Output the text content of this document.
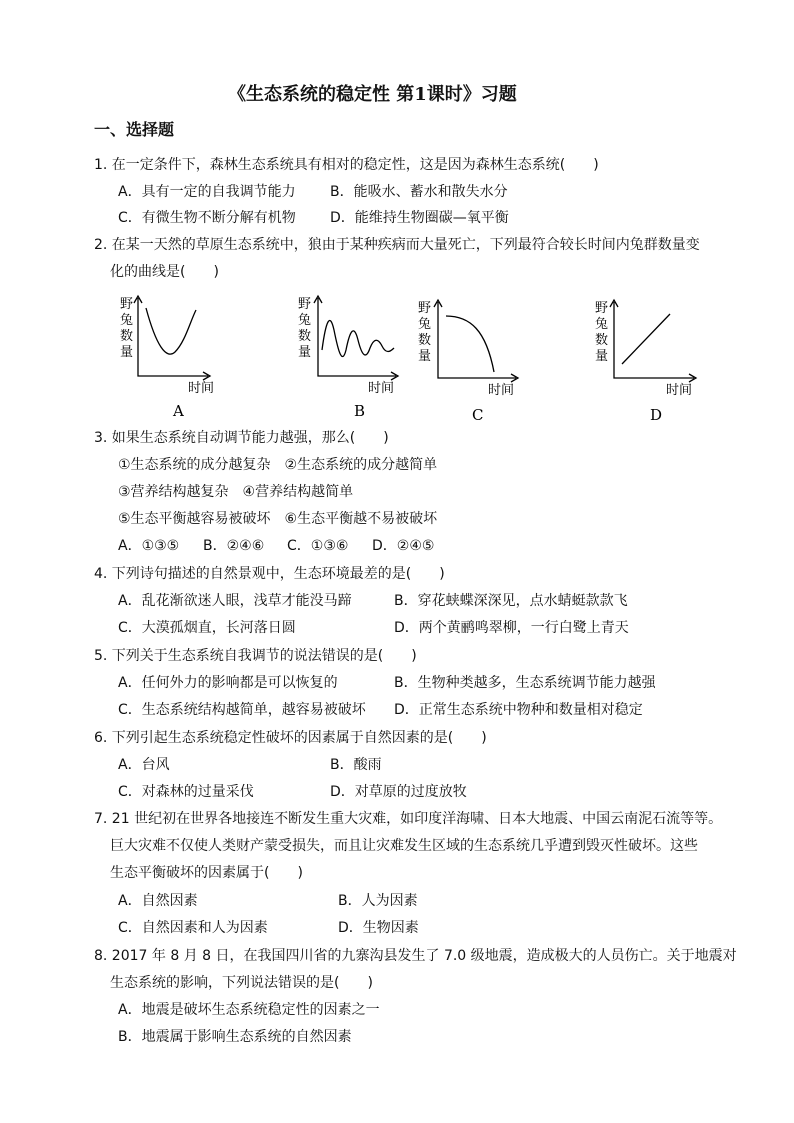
《生态系统的稳定性 第1课时》习题
一、选择题
1. 在一定条件下，森林生态系统具有相对的稳定性，这是因为森林生态系统(　　)
A．具有一定的自我调节能力 B．能吸水、蓄水和散失水分
C．有微生物不断分解有机物 D．能维持生物圈碳—氧平衡
2. 在某一天然的草原生态系统中，狼由于某种疾病而大量死亡，下列最符合较长时间内兔群数量变
化的曲线是(　　)
野
兔
数
量
时间
A
野
兔
数
量
时间
B
野
兔
数
量
时间
C
野
兔
数
量
时间
D
3. 如果生态系统自动调节能力越强，那么(　　)
①生态系统的成分越复杂　②生态系统的成分越简单
③营养结构越复杂　④营养结构越简单
⑤生态平衡越容易被破坏　⑥生态平衡越不易被破坏
A．①③⑤ B．②④⑥ C．①③⑥ D．②④⑤
4. 下列诗句描述的自然景观中，生态环境最差的是(　　)
A．乱花渐欲迷人眼，浅草才能没马蹄	B．穿花蛱蝶深深见，点水蜻蜓款款飞
C．大漠孤烟直，长河落日圆	D．两个黄鹂鸣翠柳，一行白鹭上青天
5. 下列关于生态系统自我调节的说法错误的是(　　)
A．任何外力的影响都是可以恢复的	B．生物种类越多，生态系统调节能力越强
C．生态系统结构越简单，越容易被破坏 D．正常生态系统中物种和数量相对稳定
6. 下列引起生态系统稳定性破坏的因素属于自然因素的是(　　)
A．台风	B．酸雨
C．对森林的过量采伐	D．对草原的过度放牧
7. 21 世纪初在世界各地接连不断发生重大灾难，如印度洋海啸、日本大地震、中国云南泥石流等等。
巨大灾难不仅使人类财产蒙受损失，而且让灾难发生区域的生态系统几乎遭到毁灭性破坏。这些
生态平衡破坏的因素属于(　　)
A．自然因素	B．人为因素
C．自然因素和人为因素	D．生物因素
8. 2017 年 8 月 8 日，在我国四川省的九寨沟县发生了 7.0 级地震，造成极大的人员伤亡。关于地震对
生态系统的影响，下列说法错误的是(　　)
A．地震是破坏生态系统稳定性的因素之一
B．地震属于影响生态系统的自然因素
